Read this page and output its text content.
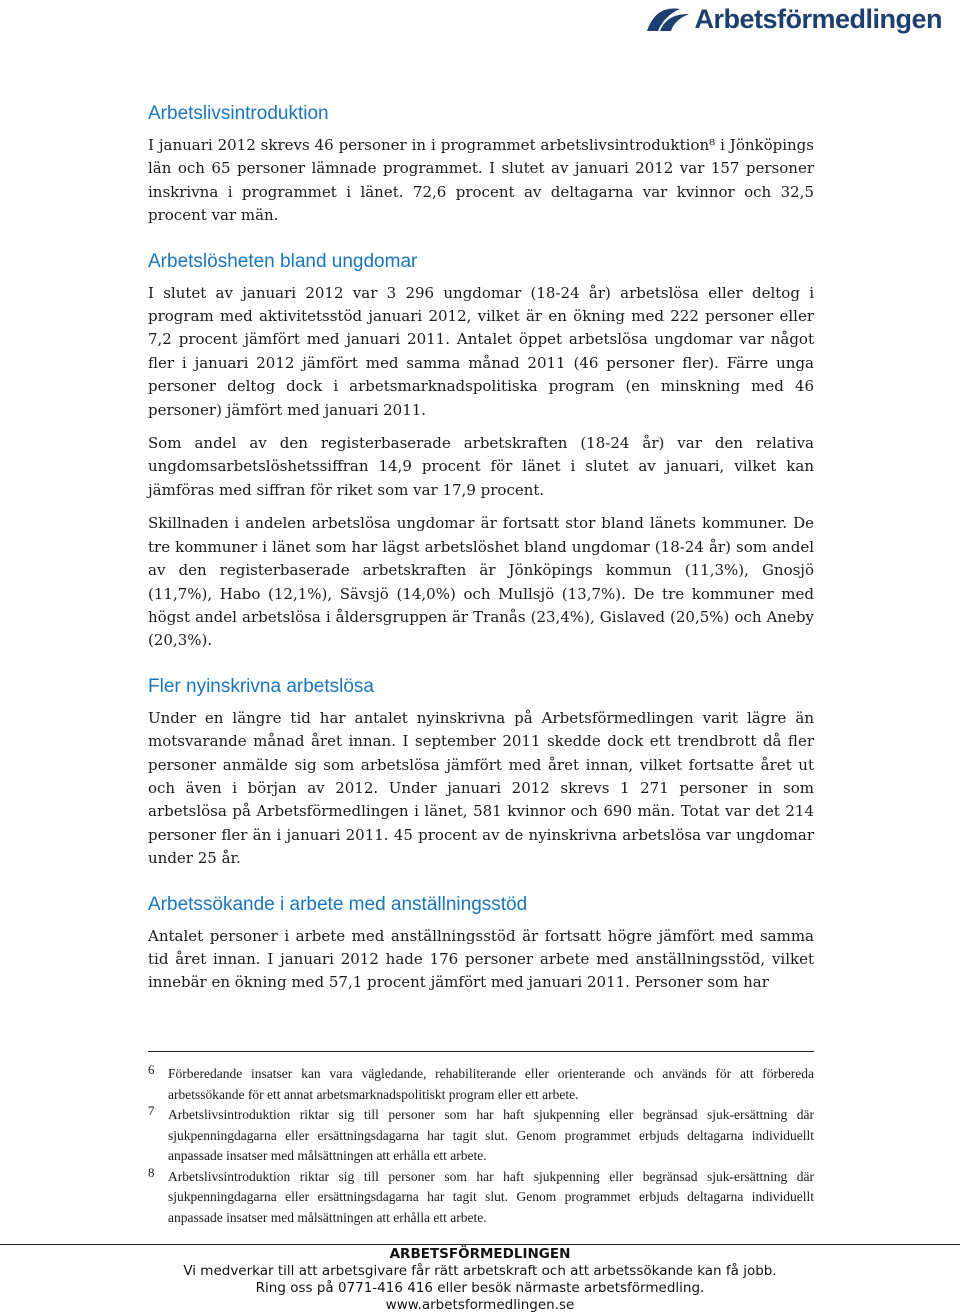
Arbetsförmedlingen
Arbetslivsintroduktion

I januari 2012 skrevs 46 personer in i programmet arbetslivsintroduktion⁸ i Jönköpings län och 65 personer lämnade programmet. I slutet av januari 2012 var 157 personer inskrivna i programmet i länet. 72,6 procent av deltagarna var kvinnor och 32,5 procent var män.

Arbetslösheten bland ungdomar

I slutet av januari 2012 var 3 296 ungdomar (18-24 år) arbetslösa eller deltog i program med aktivitetsstöd januari 2012, vilket är en ökning med 222 personer eller 7,2 procent jämfört med januari 2011. Antalet öppet arbetslösa ungdomar var något fler i januari 2012 jämfört med samma månad 2011 (46 personer fler). Färre unga personer deltog dock i arbetsmarknadspolitiska program (en minskning med 46 personer) jämfört med januari 2011.

Som andel av den registerbaserade arbetskraften (18-24 år) var den relativa ungdomsarbetslöshetssiffran 14,9 procent för länet i slutet av januari, vilket kan jämföras med siffran för riket som var 17,9 procent.

Skillnaden i andelen arbetslösa ungdomar är fortsatt stor bland länets kommuner. De tre kommuner i länet som har lägst arbetslöshet bland ungdomar (18-24 år) som andel av den registerbaserade arbetskraften är Jönköpings kommun (11,3%), Gnosjö (11,7%), Habo (12,1%), Sävsjö (14,0%) och Mullsjö (13,7%). De tre kommuner med högst andel arbetslösa i åldersgruppen är Tranås (23,4%), Gislaved (20,5%) och Aneby (20,3%).

Fler nyinskrivna arbetslösa

Under en längre tid har antalet nyinskrivna på Arbetsförmedlingen varit lägre än motsvarande månad året innan. I september 2011 skedde dock ett trendbrott då fler personer anmälde sig som arbetslösa jämfört med året innan, vilket fortsatte året ut och även i början av 2012. Under januari 2012 skrevs 1 271 personer in som arbetslösa på Arbetsförmedlingen i länet, 581 kvinnor och 690 män. Totat var det 214 personer fler än i januari 2011. 45 procent av de nyinskrivna arbetslösa var ungdomar under 25 år.

Arbetssökande i arbete med anställningsstöd

Antalet personer i arbete med anställningsstöd är fortsatt högre jämfört med samma tid året innan. I januari 2012 hade 176 personer arbete med anställningsstöd, vilket innebär en ökning med 57,1 procent jämfört med januari 2011. Personer som har

6	Förberedande insatser kan vara vägledande, rehabiliterande eller orienterande och används för att förbereda arbetssökande för ett annat arbetsmarknadspolitiskt program eller ett arbete.
7	Arbetslivsintroduktion riktar sig till personer som har haft sjukpenning eller begränsad sjuk-ersättning där sjukpenningdagarna eller ersättningsdagarna har tagit slut. Genom programmet erbjuds deltagarna individuellt anpassade insatser med målsättningen att erhålla ett arbete.
8	Arbetslivsintroduktion riktar sig till personer som har haft sjukpenning eller begränsad sjuk-ersättning där sjukpenningdagarna eller ersättningsdagarna har tagit slut. Genom programmet erbjuds deltagarna individuellt anpassade insatser med målsättningen att erhålla ett arbete.
ARBETSFÖRMEDLINGEN
Vi medverkar till att arbetsgivare får rätt arbetskraft och att arbetssökande kan få jobb.
Ring oss på 0771-416 416 eller besök närmaste arbetsförmedling.
www.arbetsformedlingen.se
